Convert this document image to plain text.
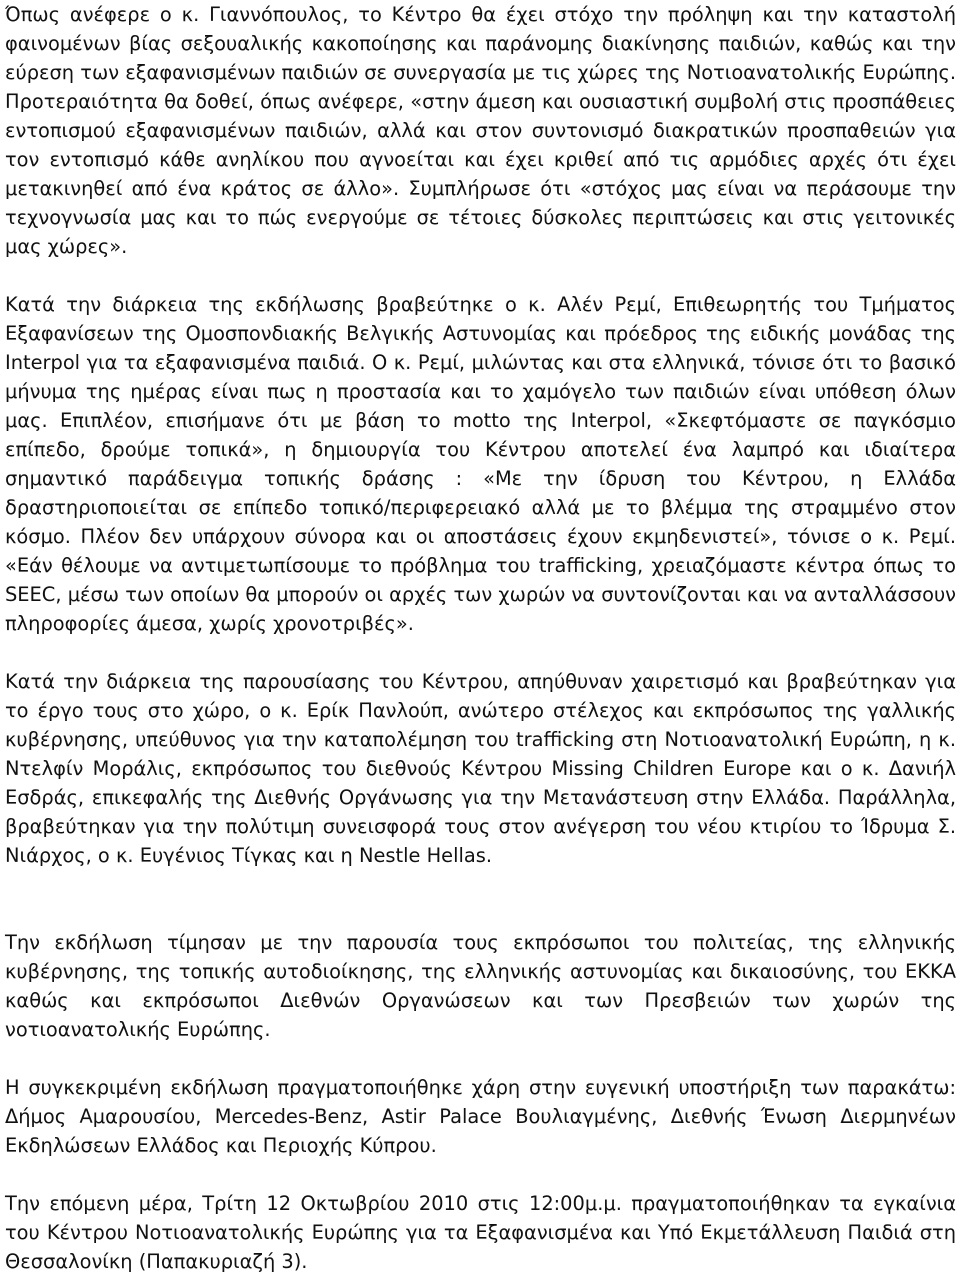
Όπως ανέφερε ο κ. Γιαννόπουλος, το Κέντρο θα έχει στόχο την πρόληψη και την καταστολή φαινομένων βίας σεξουαλικής κακοποίησης και παράνομης διακίνησης παιδιών, καθώς και την εύρεση των εξαφανισμένων παιδιών σε συνεργασία με τις χώρες της Νοτιοανατολικής Ευρώπης. Προτεραιότητα θα δοθεί, όπως ανέφερε, «στην άμεση και ουσιαστική συμβολή στις προσπάθειες εντοπισμού εξαφανισμένων παιδιών, αλλά και στον συντονισμό διακρατικών προσπαθειών για τον εντοπισμό κάθε ανηλίκου που αγνοείται και έχει κριθεί από τις αρμόδιες αρχές ότι έχει μετακινηθεί από ένα κράτος σε άλλο». Συμπλήρωσε ότι «στόχος μας είναι να περάσουμε την τεχνογνωσία μας και το πώς ενεργούμε σε τέτοιες δύσκολες περιπτώσεις και στις γειτονικές μας χώρες».

Κατά την διάρκεια της εκδήλωσης βραβεύτηκε ο κ. Αλέν Ρεμί, Επιθεωρητής του Τμήματος Εξαφανίσεων της Ομοσπονδιακής Βελγικής Αστυνομίας και πρόεδρος της ειδικής μονάδας της Interpol για τα εξαφανισμένα παιδιά. Ο κ. Ρεμί, μιλώντας και στα ελληνικά, τόνισε ότι το βασικό μήνυμα της ημέρας είναι πως η προστασία και το χαμόγελο των παιδιών είναι υπόθεση όλων μας. Επιπλέον, επισήμανε ότι με βάση το motto της Interpol, «Σκεφτόμαστε σε παγκόσμιο επίπεδο, δρούμε τοπικά», η δημιουργία του Κέντρου αποτελεί ένα λαμπρό και ιδιαίτερα σημαντικό παράδειγμα τοπικής δράσης : «Με την ίδρυση του Κέντρου, η Ελλάδα δραστηριοποιείται σε επίπεδο τοπικό/περιφερειακό αλλά με το βλέμμα της στραμμένο στον κόσμο. Πλέον δεν υπάρχουν σύνορα και οι αποστάσεις έχουν εκμηδενιστεί», τόνισε ο κ. Ρεμί. «Εάν θέλουμε να αντιμετωπίσουμε το πρόβλημα του trafficking, χρειαζόμαστε κέντρα όπως το SEEC, μέσω των οποίων θα μπορούν οι αρχές των χωρών να συντονίζονται και να ανταλλάσσουν πληροφορίες άμεσα, χωρίς χρονοτριβές».

Κατά την διάρκεια της παρουσίασης του Κέντρου, απηύθυναν χαιρετισμό και βραβεύτηκαν για το έργο τους στο χώρο, ο κ. Ερίκ Πανλούπ, ανώτερο στέλεχος και εκπρόσωπος της γαλλικής κυβέρνησης, υπεύθυνος για την καταπολέμηση του trafficking στη Νοτιοανατολική Ευρώπη, η κ. Ντελφίν Μοράλις, εκπρόσωπος του διεθνούς Κέντρου Missing Children Europe και ο κ. Δανιήλ Εσδράς, επικεφαλής της Διεθνής Οργάνωσης για την Μετανάστευση στην Ελλάδα. Παράλληλα, βραβεύτηκαν για την πολύτιμη συνεισφορά τους στον ανέγερση του νέου κτιρίου το Ίδρυμα Σ. Νιάρχος, ο κ. Ευγένιος Τίγκας και η Nestle Hellas.

Την εκδήλωση τίμησαν με την παρουσία τους εκπρόσωποι του πολιτείας, της ελληνικής κυβέρνησης, της τοπικής αυτοδιοίκησης, της ελληνικής αστυνομίας και δικαιοσύνης, του ΕΚΚΑ καθώς και εκπρόσωποι Διεθνών Οργανώσεων και των Πρεσβειών των χωρών της νοτιοανατολικής Ευρώπης.

Η συγκεκριμένη εκδήλωση πραγματοποιήθηκε χάρη στην ευγενική υποστήριξη των παρακάτω: Δήμος Αμαρουσίου, Mercedes-Benz, Astir Palace Βουλιαγμένης, Διεθνής Ένωση Διερμηνέων Εκδηλώσεων Ελλάδος και Περιοχής Κύπρου.

Την επόμενη μέρα, Τρίτη 12 Οκτωβρίου 2010 στις 12:00μ.μ. πραγματοποιήθηκαν τα εγκαίνια του Κέντρου Νοτιοανατολικής Ευρώπης για τα Εξαφανισμένα και Υπό Εκμετάλλευση Παιδιά στη Θεσσαλονίκη (Παπακυριαζή 3).
